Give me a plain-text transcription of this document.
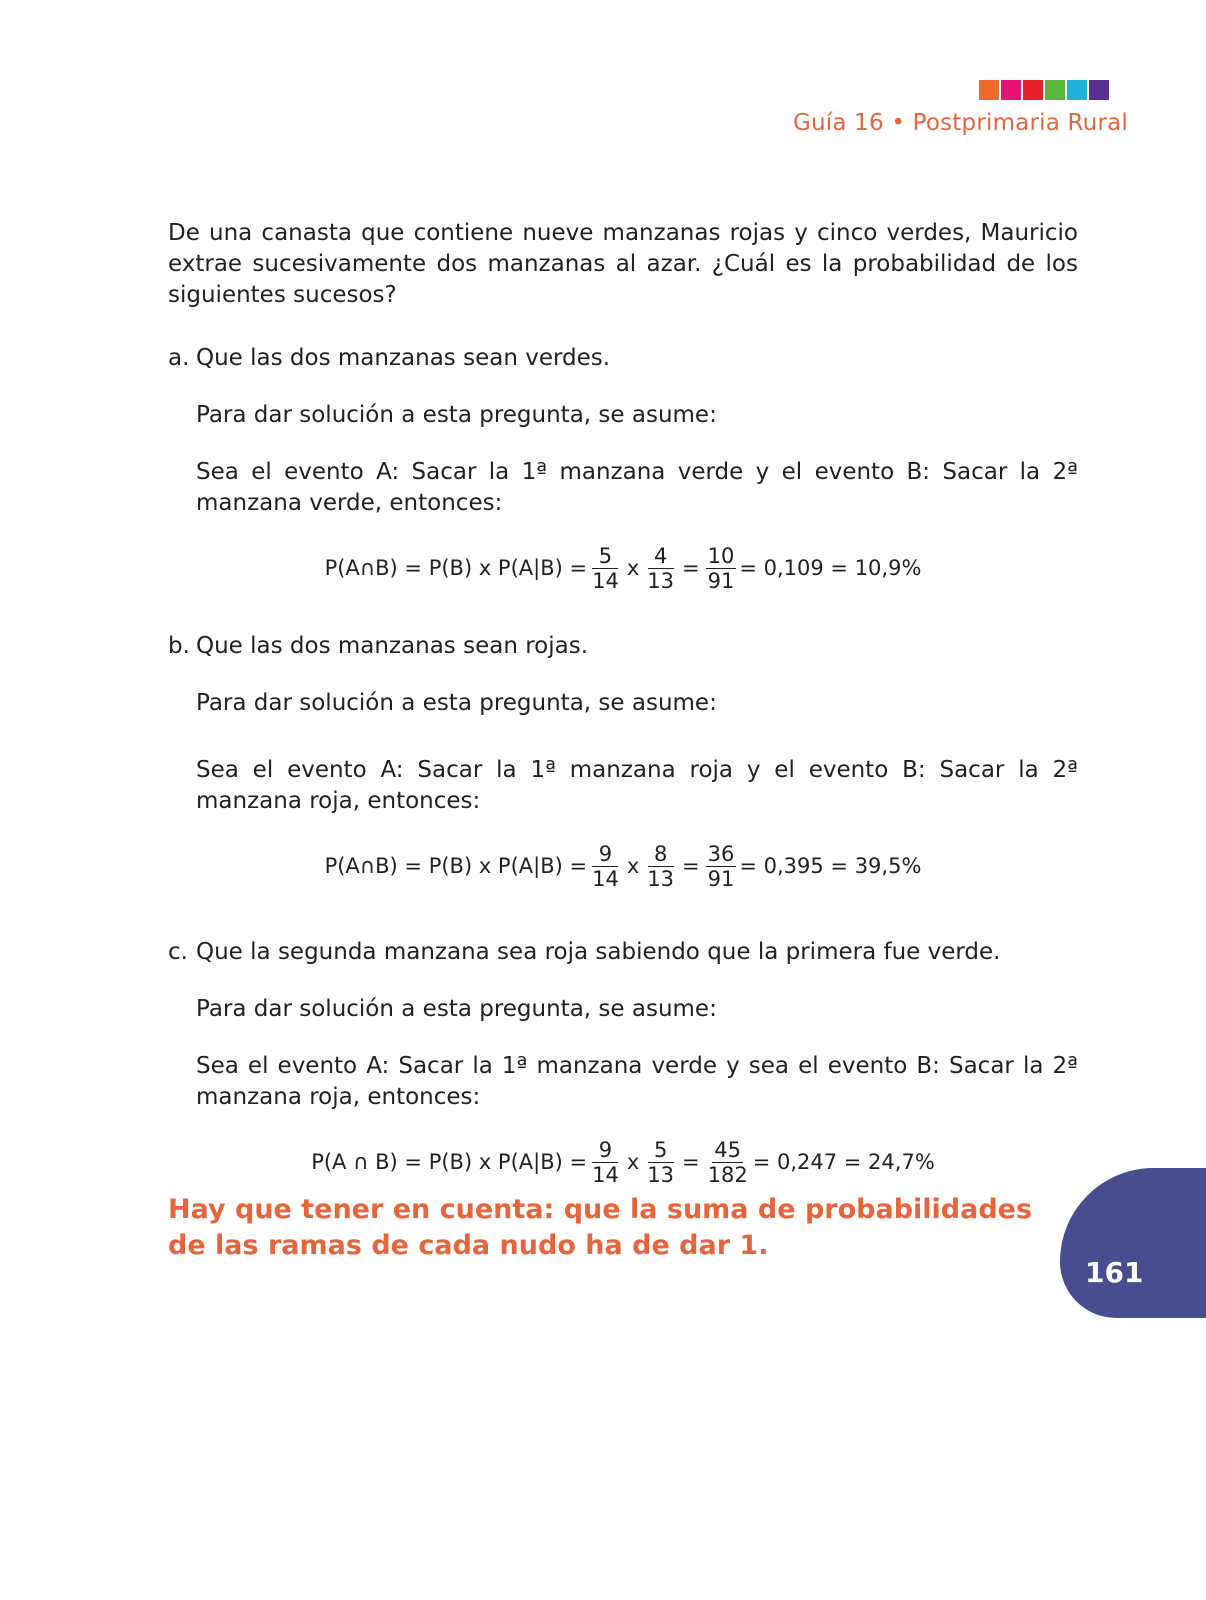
Guía 16 • Postprimaria Rural

De una canasta que contiene nueve manzanas rojas y cinco verdes, Mauricio extrae sucesivamente dos manzanas al azar. ¿Cuál es la probabilidad de los siguientes sucesos?

a. Que las dos manzanas sean verdes.
Para dar solución a esta pregunta, se asume:
Sea el evento A: Sacar la 1ª manzana verde y el evento B: Sacar la 2ª manzana verde, entonces:
P(A∩B) = P(B) x $P(A|B) = \frac{5}{14}$ x $\frac{4}{13} = \frac{10}{91} = 0,109 = 10,9\%$
b. Que las dos manzanas sean rojas.
Para dar solución a esta pregunta, se asume:
Sea el evento A: Sacar la 1ª manzana roja y el evento B: Sacar la 2ª manzana roja, entonces:
P(A∩B) = P(B) x $P(A|B) = \frac{9}{14}$ x $\frac{8}{13} = \frac{36}{91} = 0,395 = 39,5\%$
c. Que la segunda manzana sea roja sabiendo que la primera fue verde.
Para dar solución a esta pregunta, se asume:
Sea el evento A: Sacar la 1ª manzana verde y sea el evento B: Sacar la 2ª manzana roja, entonces:
P(A ∩ B) = P(B) x $P(A|B) = \frac{9}{14}$ x $\frac{5}{13} = \frac{45}{182} = 0,247 = 24,7\%$

Hay que tener en cuenta: que la suma de probabilidades de las ramas de cada nudo ha de dar 1.

161
